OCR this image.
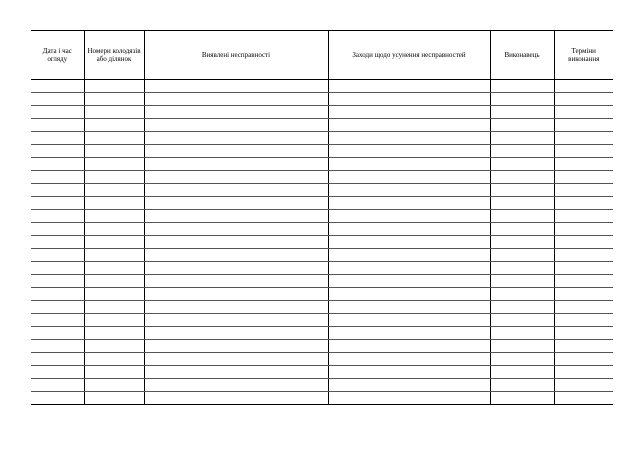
Дата і час огляду	Номери колодязів або ділянок	Виявлені несправності	Заходи щодо усунення несправностей	Виконавець	Терміни виконання
